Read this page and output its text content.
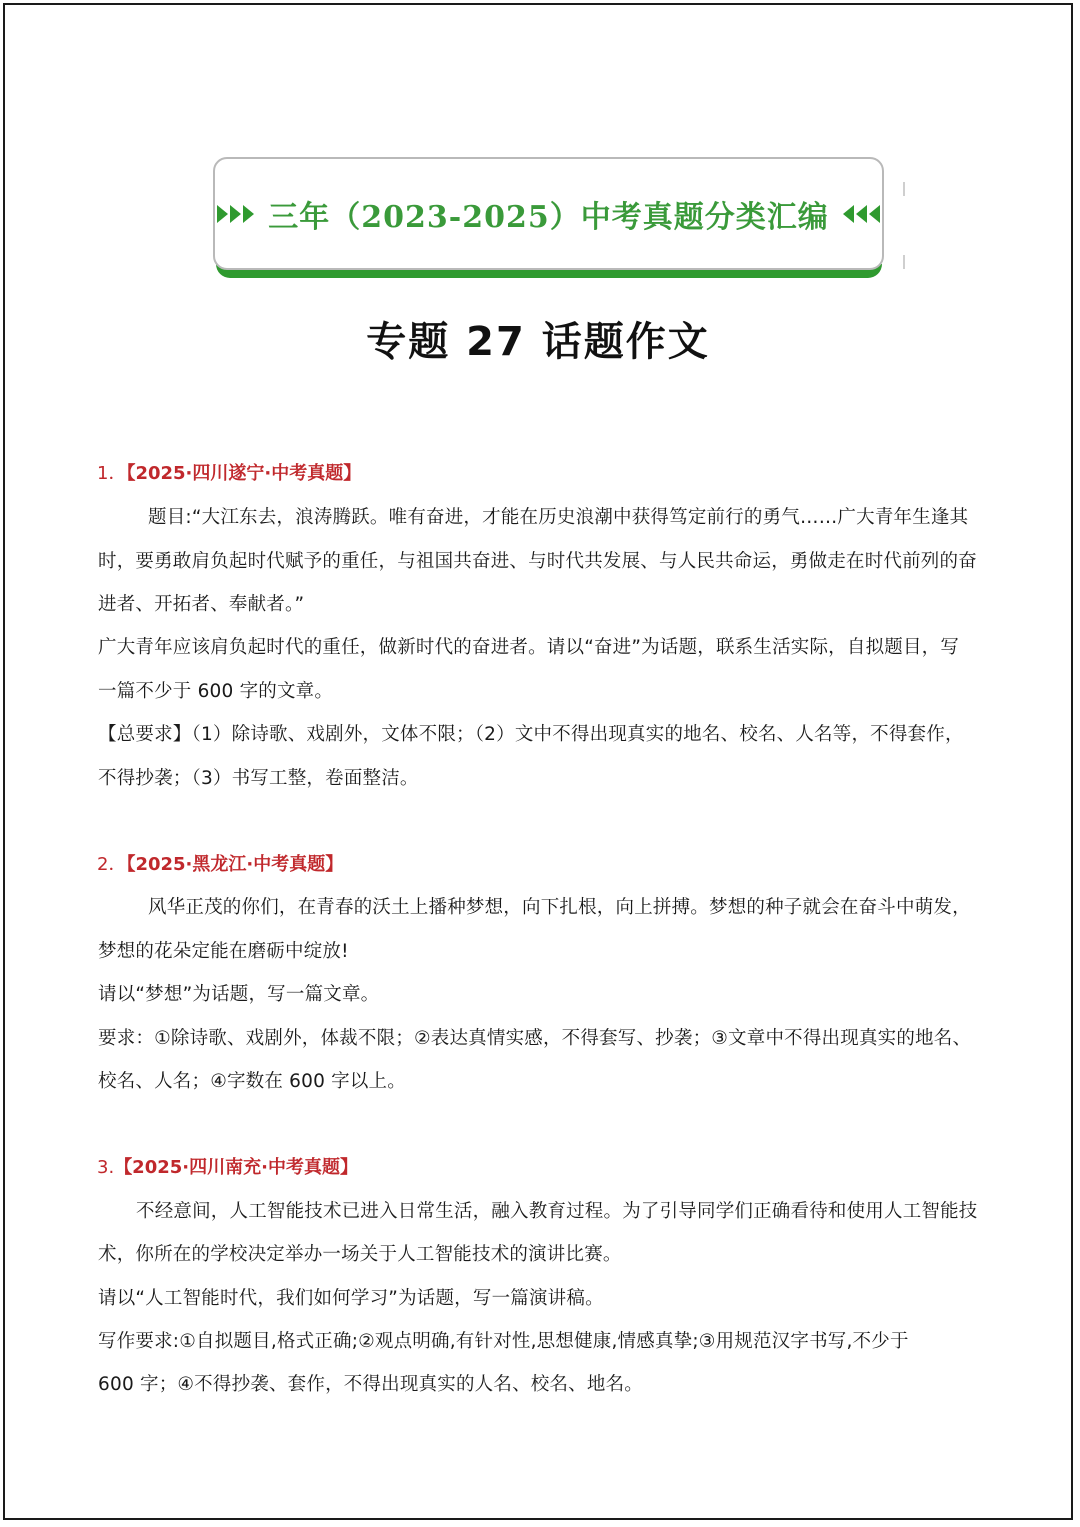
三年（2023-2025）中考真题分类汇编
专题 27 话题作文
1．【2025·四川遂宁·中考真题】
题目:“大江东去，浪涛腾跃。唯有奋进，才能在历史浪潮中获得笃定前行的勇气……广大青年生逢其
时，要勇敢肩负起时代赋予的重任，与祖国共奋进、与时代共发展、与人民共命运，勇做走在时代前列的奋
进者、开拓者、奉献者。”
广大青年应该肩负起时代的重任，做新时代的奋进者。请以“奋进”为话题，联系生活实际，自拟题目，写
一篇不少于 600 字的文章。
【总要求】（1）除诗歌、戏剧外，文体不限；（2）文中不得出现真实的地名、校名、人名等，不得套作，
不得抄袭；（3）书写工整，卷面整洁。
2．【2025·黑龙江·中考真题】
风华正茂的你们，在青春的沃土上播种梦想，向下扎根，向上拼搏。梦想的种子就会在奋斗中萌发，
梦想的花朵定能在磨砺中绽放!
请以“梦想”为话题，写一篇文章。
要求：①除诗歌、戏剧外，体裁不限；②表达真情实感，不得套写、抄袭；③文章中不得出现真实的地名、
校名、人名；④字数在 600 字以上。
3.【2025·四川南充·中考真题】
不经意间，人工智能技术已进入日常生活，融入教育过程。为了引导同学们正确看待和使用人工智能技
术，你所在的学校决定举办一场关于人工智能技术的演讲比赛。
请以“人工智能时代，我们如何学习”为话题，写一篇演讲稿。
写作要求:①自拟题目,格式正确;②观点明确,有针对性,思想健康,情感真挚;③用规范汉字书写,不少于
600 字；④不得抄袭、套作，不得出现真实的人名、校名、地名。
